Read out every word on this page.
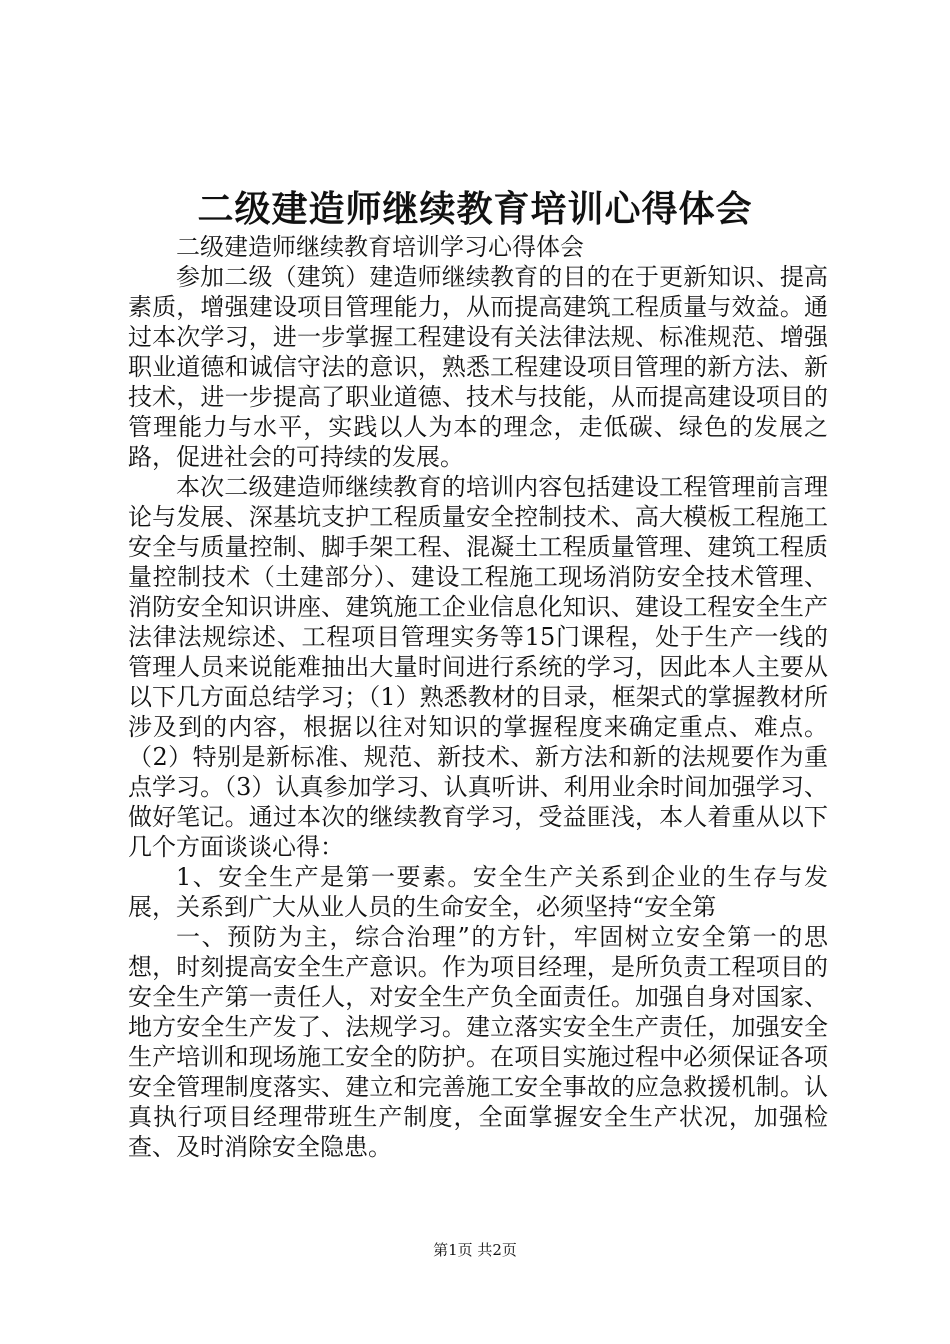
二级建造师继续教育培训心得体会

二级建造师继续教育培训学习心得体会

参加二级（建筑）建造师继续教育的目的在于更新知识、提高素质，增强建设项目管理能力，从而提高建筑工程质量与效益。通过本次学习，进一步掌握工程建设有关法律法规、标准规范、增强职业道德和诚信守法的意识，熟悉工程建设项目管理的新方法、新技术，进一步提高了职业道德、技术与技能，从而提高建设项目的管理能力与水平，实践以人为本的理念，走低碳、绿色的发展之路，促进社会的可持续的发展。

本次二级建造师继续教育的培训内容包括建设工程管理前言理论与发展、深基坑支护工程质量安全控制技术、高大模板工程施工安全与质量控制、脚手架工程、混凝土工程质量管理、建筑工程质量控制技术（土建部分）、建设工程施工现场消防安全技术管理、消防安全知识讲座、建筑施工企业信息化知识、建设工程安全生产法律法规综述、工程项目管理实务等15门课程，处于生产一线的管理人员来说能难抽出大量时间进行系统的学习，因此本人主要从以下几方面总结学习；（1）熟悉教材的目录，框架式的掌握教材所涉及到的内容，根据以往对知识的掌握程度来确定重点、难点。（2）特别是新标准、规范、新技术、新方法和新的法规要作为重点学习。（3）认真参加学习、认真听讲、利用业余时间加强学习、做好笔记。通过本次的继续教育学习，受益匪浅，本人着重从以下几个方面谈谈心得：

1、安全生产是第一要素。安全生产关系到企业的生存与发展，关系到广大从业人员的生命安全，必须坚持“安全第

一、预防为主，综合治理”的方针，牢固树立安全第一的思想，时刻提高安全生产意识。作为项目经理，是所负责工程项目的安全生产第一责任人，对安全生产负全面责任。加强自身对国家、地方安全生产发了、法规学习。建立落实安全生产责任，加强安全生产培训和现场施工安全的防护。在项目实施过程中必须保证各项安全管理制度落实、建立和完善施工安全事故的应急救援机制。认真执行项目经理带班生产制度，全面掌握安全生产状况，加强检查、及时消除安全隐患。

第1页 共2页
